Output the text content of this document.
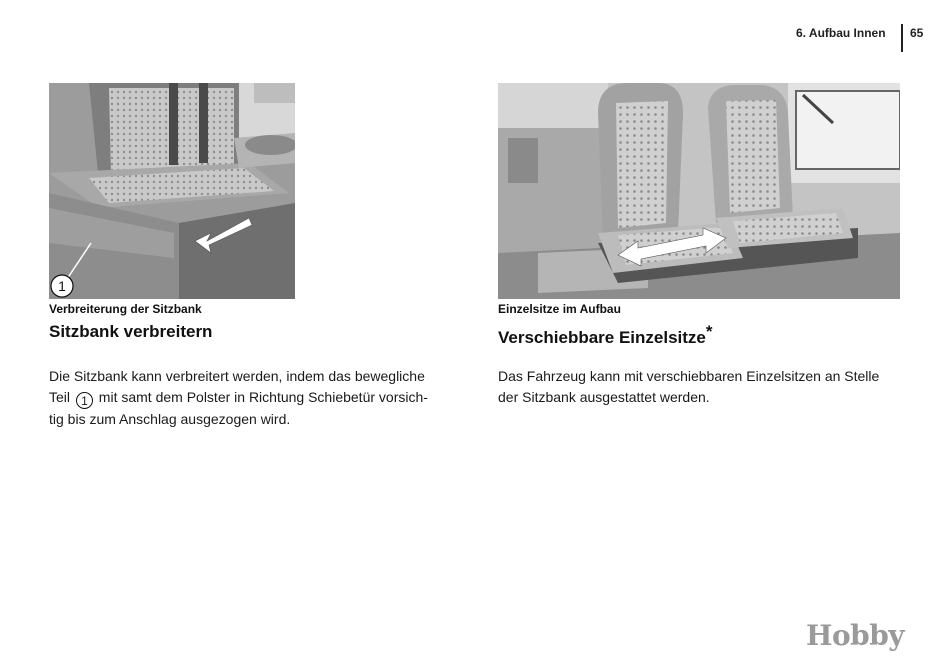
6. Aufbau Innen 65
1
Verbreiterung der Sitzbank
Sitzbank verbreitern
Die Sitzbank kann verbreitert werden, indem das bewegliche
Teil 1 mit samt dem Polster in Richtung Schiebetür vorsich-
tig bis zum Anschlag ausgezogen wird.
Einzelsitze im Aufbau
Verschiebbare Einzelsitze*
Das Fahrzeug kann mit verschiebbaren Einzelsitzen an Stelle
der Sitzbank ausgestattet werden.
Hobby
